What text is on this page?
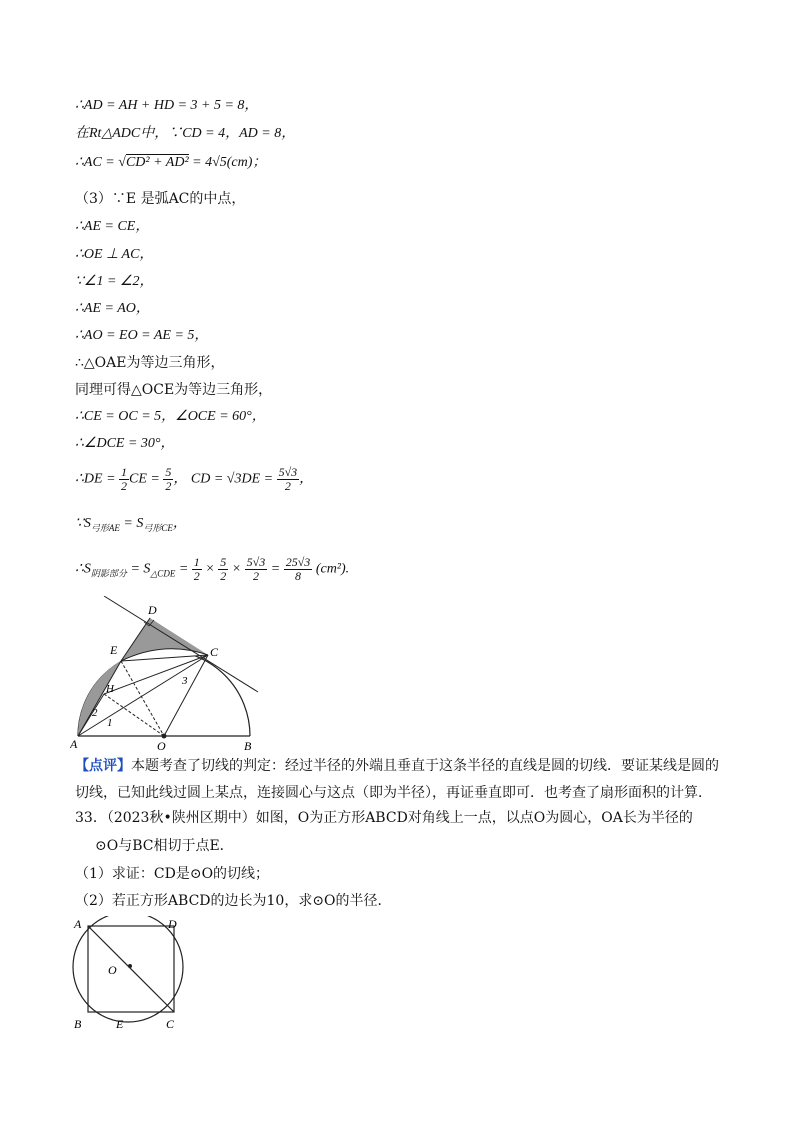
∴AD = AH + HD = 3 + 5 = 8，
在Rt△ADC中，∵CD = 4，AD = 8，
∴AC = √CD² + AD² = 4√5(cm)；
（3）∵E 是弧AC的中点，
∴AE = CE，
∴OE ⊥ AC，
∵∠1 = ∠2，
∴AE = AO，
∴AO = EO = AE = 5，
∴△OAE为等边三角形，
同理可得△OCE为等边三角形，
∴CE = OC = 5，∠OCE = 60°，
∴∠DCE = 30°，
∴DE = $\frac{1}{2}$ CE = $\frac{5}{2}$ ， CD = $√3DE = \frac{5√3}{2}$ ，
$\because S_{弓形AE} = S_{弓形CE}$，
$\therefore S_{阴影部分} = S_{\triangle CDE} = \frac{1}{2} \times \frac{5}{2} \times \frac{5√3}{2} = \frac{25√3}{8} (cm^2)$.
D
E	C
H
3
2
1
A	O	B
【点评】本题考查了切线的判定：经过半径的外端且垂直于这条半径的直线是圆的切线．要证某线是圆的
切线，已知此线过圆上某点，连接圆心与这点（即为半径），再证垂直即可．也考查了扇形面积的计算．
33．（2023秋•陕州区期中）如图，O为正方形ABCD对角线上一点，以点O为圆心，OA长为半径的
⊙O与BC相切于点E．
（1）求证：CD是⊙O的切线；
（2）若正方形ABCD的边长为10，求⊙O的半径．
A	D
O
B	E	C
